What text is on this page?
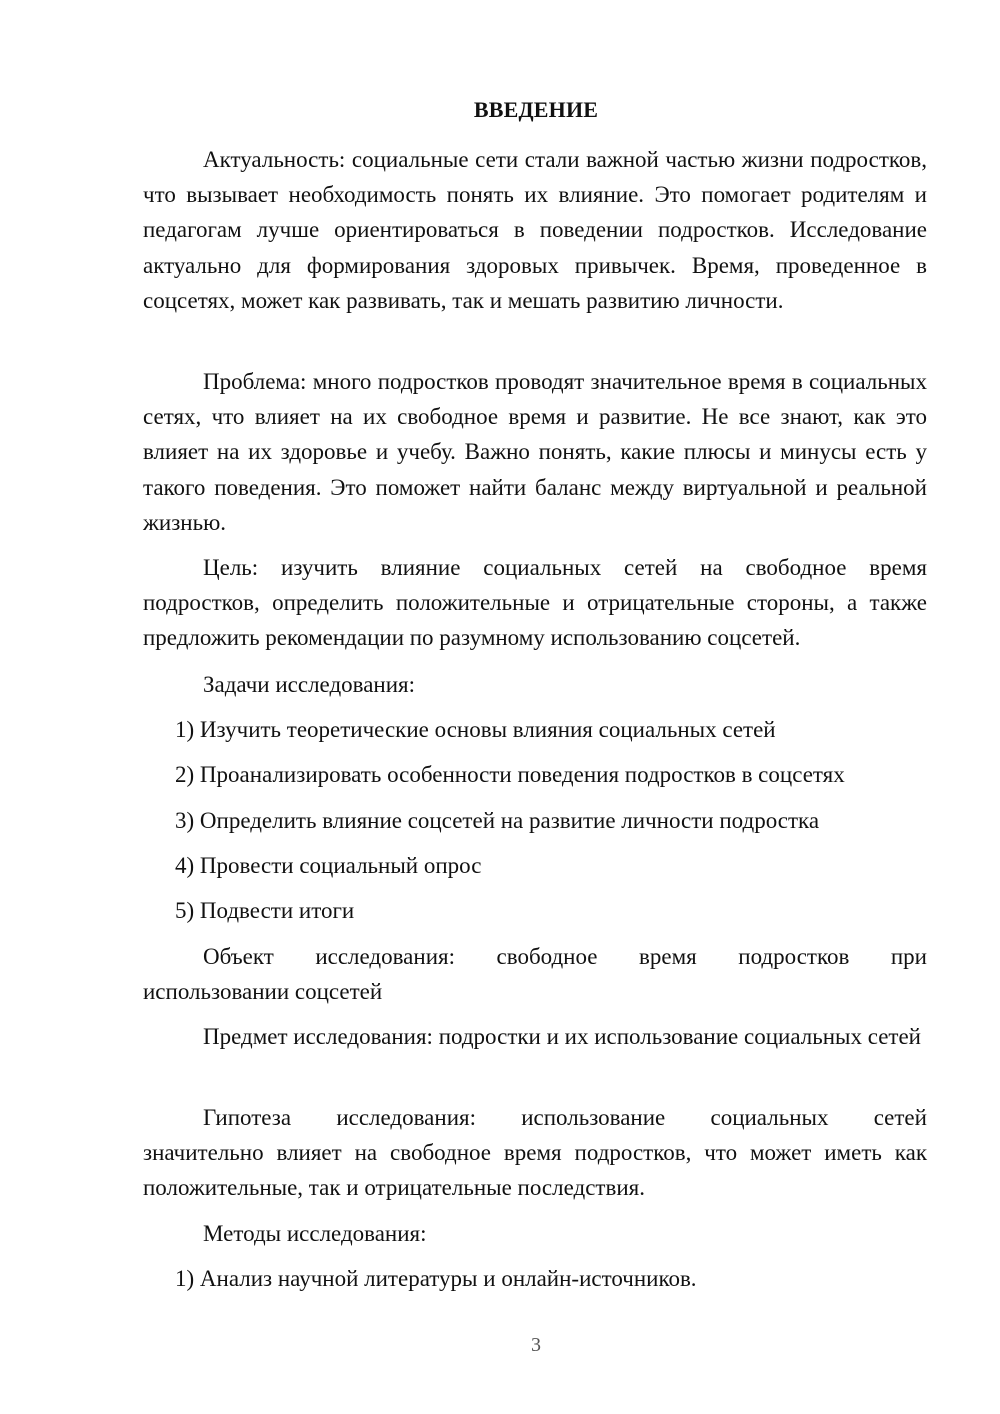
ВВЕДЕНИЕ

Актуальность: социальные сети стали важной частью жизни подростков, что вызывает необходимость понять их влияние. Это помогает родителям и педагогам лучше ориентироваться в поведении подростков. Исследование актуально для формирования здоровых привычек. Время, проведенное в соцсетях, может как развивать, так и мешать развитию личности.

Проблема: много подростков проводят значительное время в социальных сетях, что влияет на их свободное время и развитие. Не все знают, как это влияет на их здоровье и учебу. Важно понять, какие плюсы и минусы есть у такого поведения. Это поможет найти баланс между виртуальной и реальной жизнью.

Цель: изучить влияние социальных сетей на свободное время подростков, определить положительные и отрицательные стороны, а также предложить рекомендации по разумному использованию соцсетей.

Задачи исследования:
1) Изучить теоретические основы влияния социальных сетей
2) Проанализировать особенности поведения подростков в соцсетях
3) Определить влияние соцсетей на развитие личности подростка
4) Провести социальный опрос
5) Подвести итоги
Объект исследования: свободное время подростков при
использовании соцсетей

Предмет исследования: подростки и их использование социальных сетей

Гипотеза исследования: использование социальных сетей

значительно влияет на свободное время подростков, что может иметь как положительные, так и отрицательные последствия.

Методы исследования:
1) Анализ научной литературы и онлайн-источников.
3
